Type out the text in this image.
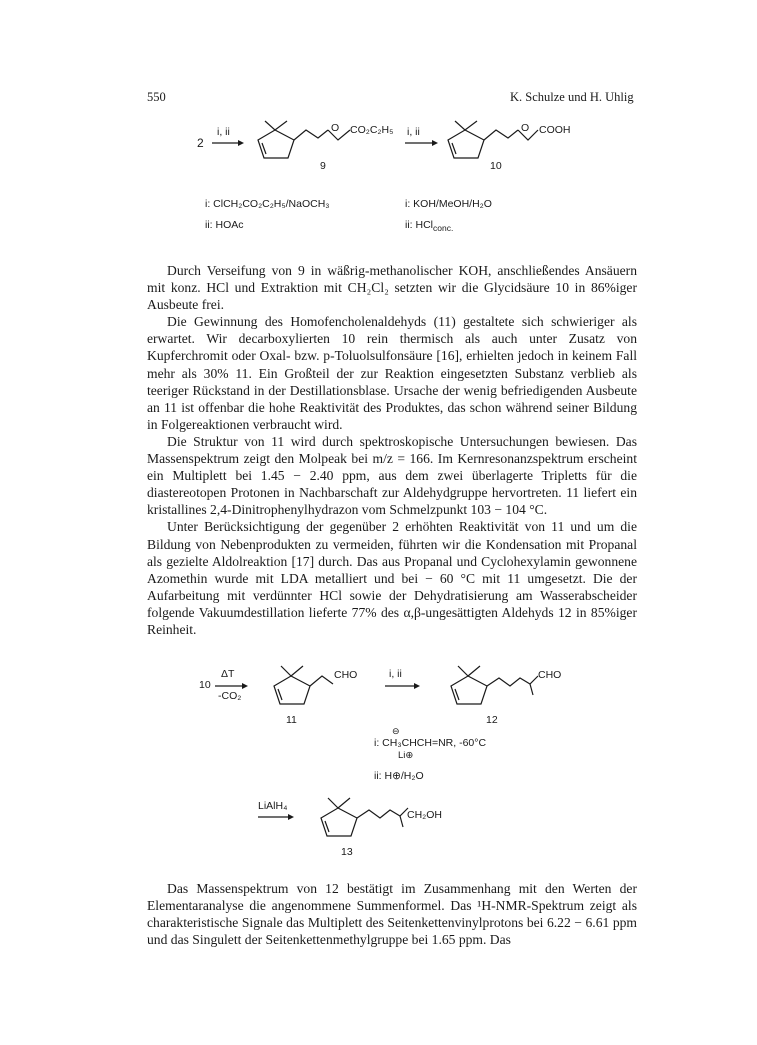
550	K. Schulze und H. Uhlig
2
i, ii	O CO₂C₂H₅
9
i, ii	O COOH
10
i: ClCH₂CO₂C₂H₅/NaOCH₃
ii: HOAc
i: KOH/MeOH/H₂O
ii: HCl$_{conc.}$

Durch Verseifung von 9 in wäßrig-methanolischer KOH, anschließendes Ansäuern mit konz. HCl und Extraktion mit CH₂Cl₂ setzten wir die Glycidsäure 10 in 86%iger Ausbeute frei.

Die Gewinnung des Homofencholenaldehyds (11) gestaltete sich schwieriger als erwartet. Wir decarboxylierten 10 rein thermisch als auch unter Zusatz von Kupferchromit oder Oxal- bzw. p-Toluolsulfonsäure [16], erhielten jedoch in keinem Fall mehr als 30% 11. Ein Großteil der zur Reaktion eingesetzten Substanz verblieb als teeriger Rückstand in der Destillationsblase. Ursache der wenig befriedigenden Ausbeute an 11 ist offenbar die hohe Reaktivität des Produktes, das schon während seiner Bildung in Folgereaktionen verbraucht wird.

Die Struktur von 11 wird durch spektroskopische Untersuchungen bewiesen. Das Massenspektrum zeigt den Molpeak bei m/z = 166. Im Kernresonanzspektrum erscheint ein Multiplett bei 1.45 − 2.40 ppm, aus dem zwei überlagerte Tripletts für die diastereotopen Protonen in Nachbarschaft zur Aldehydgruppe hervortreten. 11 liefert ein kristallines 2,4-Dinitrophenylhydrazon vom Schmelzpunkt 103 − 104 °C.

Unter Berücksichtigung der gegenüber 2 erhöhten Reaktivität von 11 und um die Bildung von Nebenprodukten zu vermeiden, führten wir die Kondensation mit Propanal als gezielte Aldolreaktion [17] durch. Das aus Propanal und Cyclohexylamin gewonnene Azomethin wurde mit LDA metalliert und bei − 60 °C mit 11 umgesetzt. Die der Aufarbeitung mit verdünnter HCl sowie der Dehydratisierung am Wasserabscheider folgende Vakuumdestillation lieferte 77% des α,β-ungesättigten Aldehyds 12 in 85%iger Reinheit.

10
ΔT
-CO₂
CHO
11
i, ii	CHO
12
⊖
i: CH₃CHCH=NR, -60°C
Li⊕
ii: H⊕/H₂O
LiAlH₄
CH₂OH
13

Das Massenspektrum von 12 bestätigt im Zusammenhang mit den Werten der Elementaranalyse die angenommene Summenformel. Das ¹H-NMR-Spektrum zeigt als charakteristische Signale das Multiplett des Seitenkettenvinylprotons bei 6.22 − 6.61 ppm und das Singulett der Seitenkettenmethylgruppe bei 1.65 ppm. Das
